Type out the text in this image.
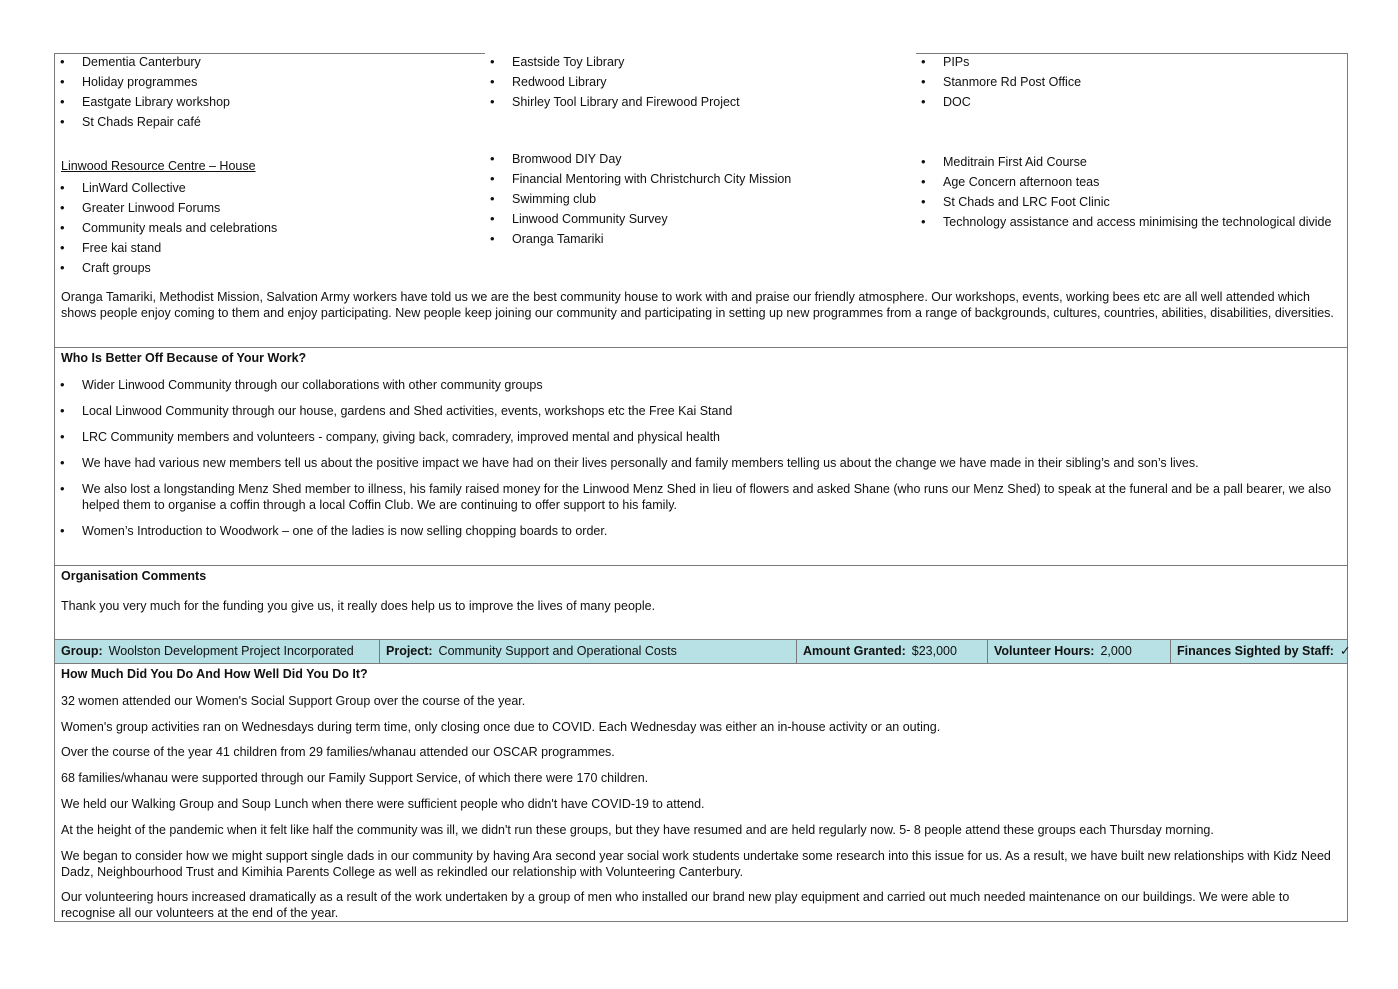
• Dementia Canterbury
• Holiday programmes
• Eastgate Library workshop
• St Chads Repair café
Linwood Resource Centre – House
• LinWard Collective
• Greater Linwood Forums
• Community meals and celebrations
• Free kai stand
• Craft groups
• Eastside Toy Library
• Redwood Library
• Shirley Tool Library and Firewood Project
• Bromwood DIY Day
• Financial Mentoring with Christchurch City Mission
• Swimming club
• Linwood Community Survey
• Oranga Tamariki
• PIPs
• Stanmore Rd Post Office
• DOC
• Meditrain First Aid Course
• Age Concern afternoon teas
• St Chads and LRC Foot Clinic
• Technology assistance and access minimising the technological divide
Oranga Tamariki, Methodist Mission, Salvation Army workers have told us we are the best community house to work with and praise our friendly atmosphere. Our workshops, events, working bees etc are all well attended which shows people enjoy coming to them and enjoy participating. New people keep joining our community and participating in setting up new programmes from a range of backgrounds, cultures, countries, abilities, disabilities, diversities.
Who Is Better Off Because of Your Work?
• Wider Linwood Community through our collaborations with other community groups
• Local Linwood Community through our house, gardens and Shed activities, events, workshops etc the Free Kai Stand
• LRC Community members and volunteers - company, giving back, comradery, improved mental and physical health
• We have had various new members tell us about the positive impact we have had on their lives personally and family members telling us about the change we have made in their sibling’s and son’s lives.
• We also lost a longstanding Menz Shed member to illness, his family raised money for the Linwood Menz Shed in lieu of flowers and asked Shane (who runs our Menz Shed) to speak at the funeral and be a pall bearer, we also helped them to organise a coffin through a local Coffin Club. We are continuing to offer support to his family.
• Women’s Introduction to Woodwork – one of the ladies is now selling chopping boards to order.
Organisation Comments
Thank you very much for the funding you give us, it really does help us to improve the lives of many people.
Group: Woolston Development Project Incorporated	Project: Community Support and Operational Costs	Amount Granted: $23,000	Volunteer Hours: 2,000	Finances Sighted by Staff: ✓
How Much Did You Do And How Well Did You Do It?
32 women attended our Women's Social Support Group over the course of the year.
Women's group activities ran on Wednesdays during term time, only closing once due to COVID. Each Wednesday was either an in-house activity or an outing.
Over the course of the year 41 children from 29 families/whanau attended our OSCAR programmes.
68 families/whanau were supported through our Family Support Service, of which there were 170 children.
We held our Walking Group and Soup Lunch when there were sufficient people who didn't have COVID-19 to attend.
At the height of the pandemic when it felt like half the community was ill, we didn't run these groups, but they have resumed and are held regularly now. 5- 8 people attend these groups each Thursday morning.
We began to consider how we might support single dads in our community by having Ara second year social work students undertake some research into this issue for us. As a result, we have built new relationships with Kidz Need Dadz, Neighbourhood Trust and Kimihia Parents College as well as rekindled our relationship with Volunteering Canterbury.
Our volunteering hours increased dramatically as a result of the work undertaken by a group of men who installed our brand new play equipment and carried out much needed maintenance on our buildings. We were able to recognise all our volunteers at the end of the year.
